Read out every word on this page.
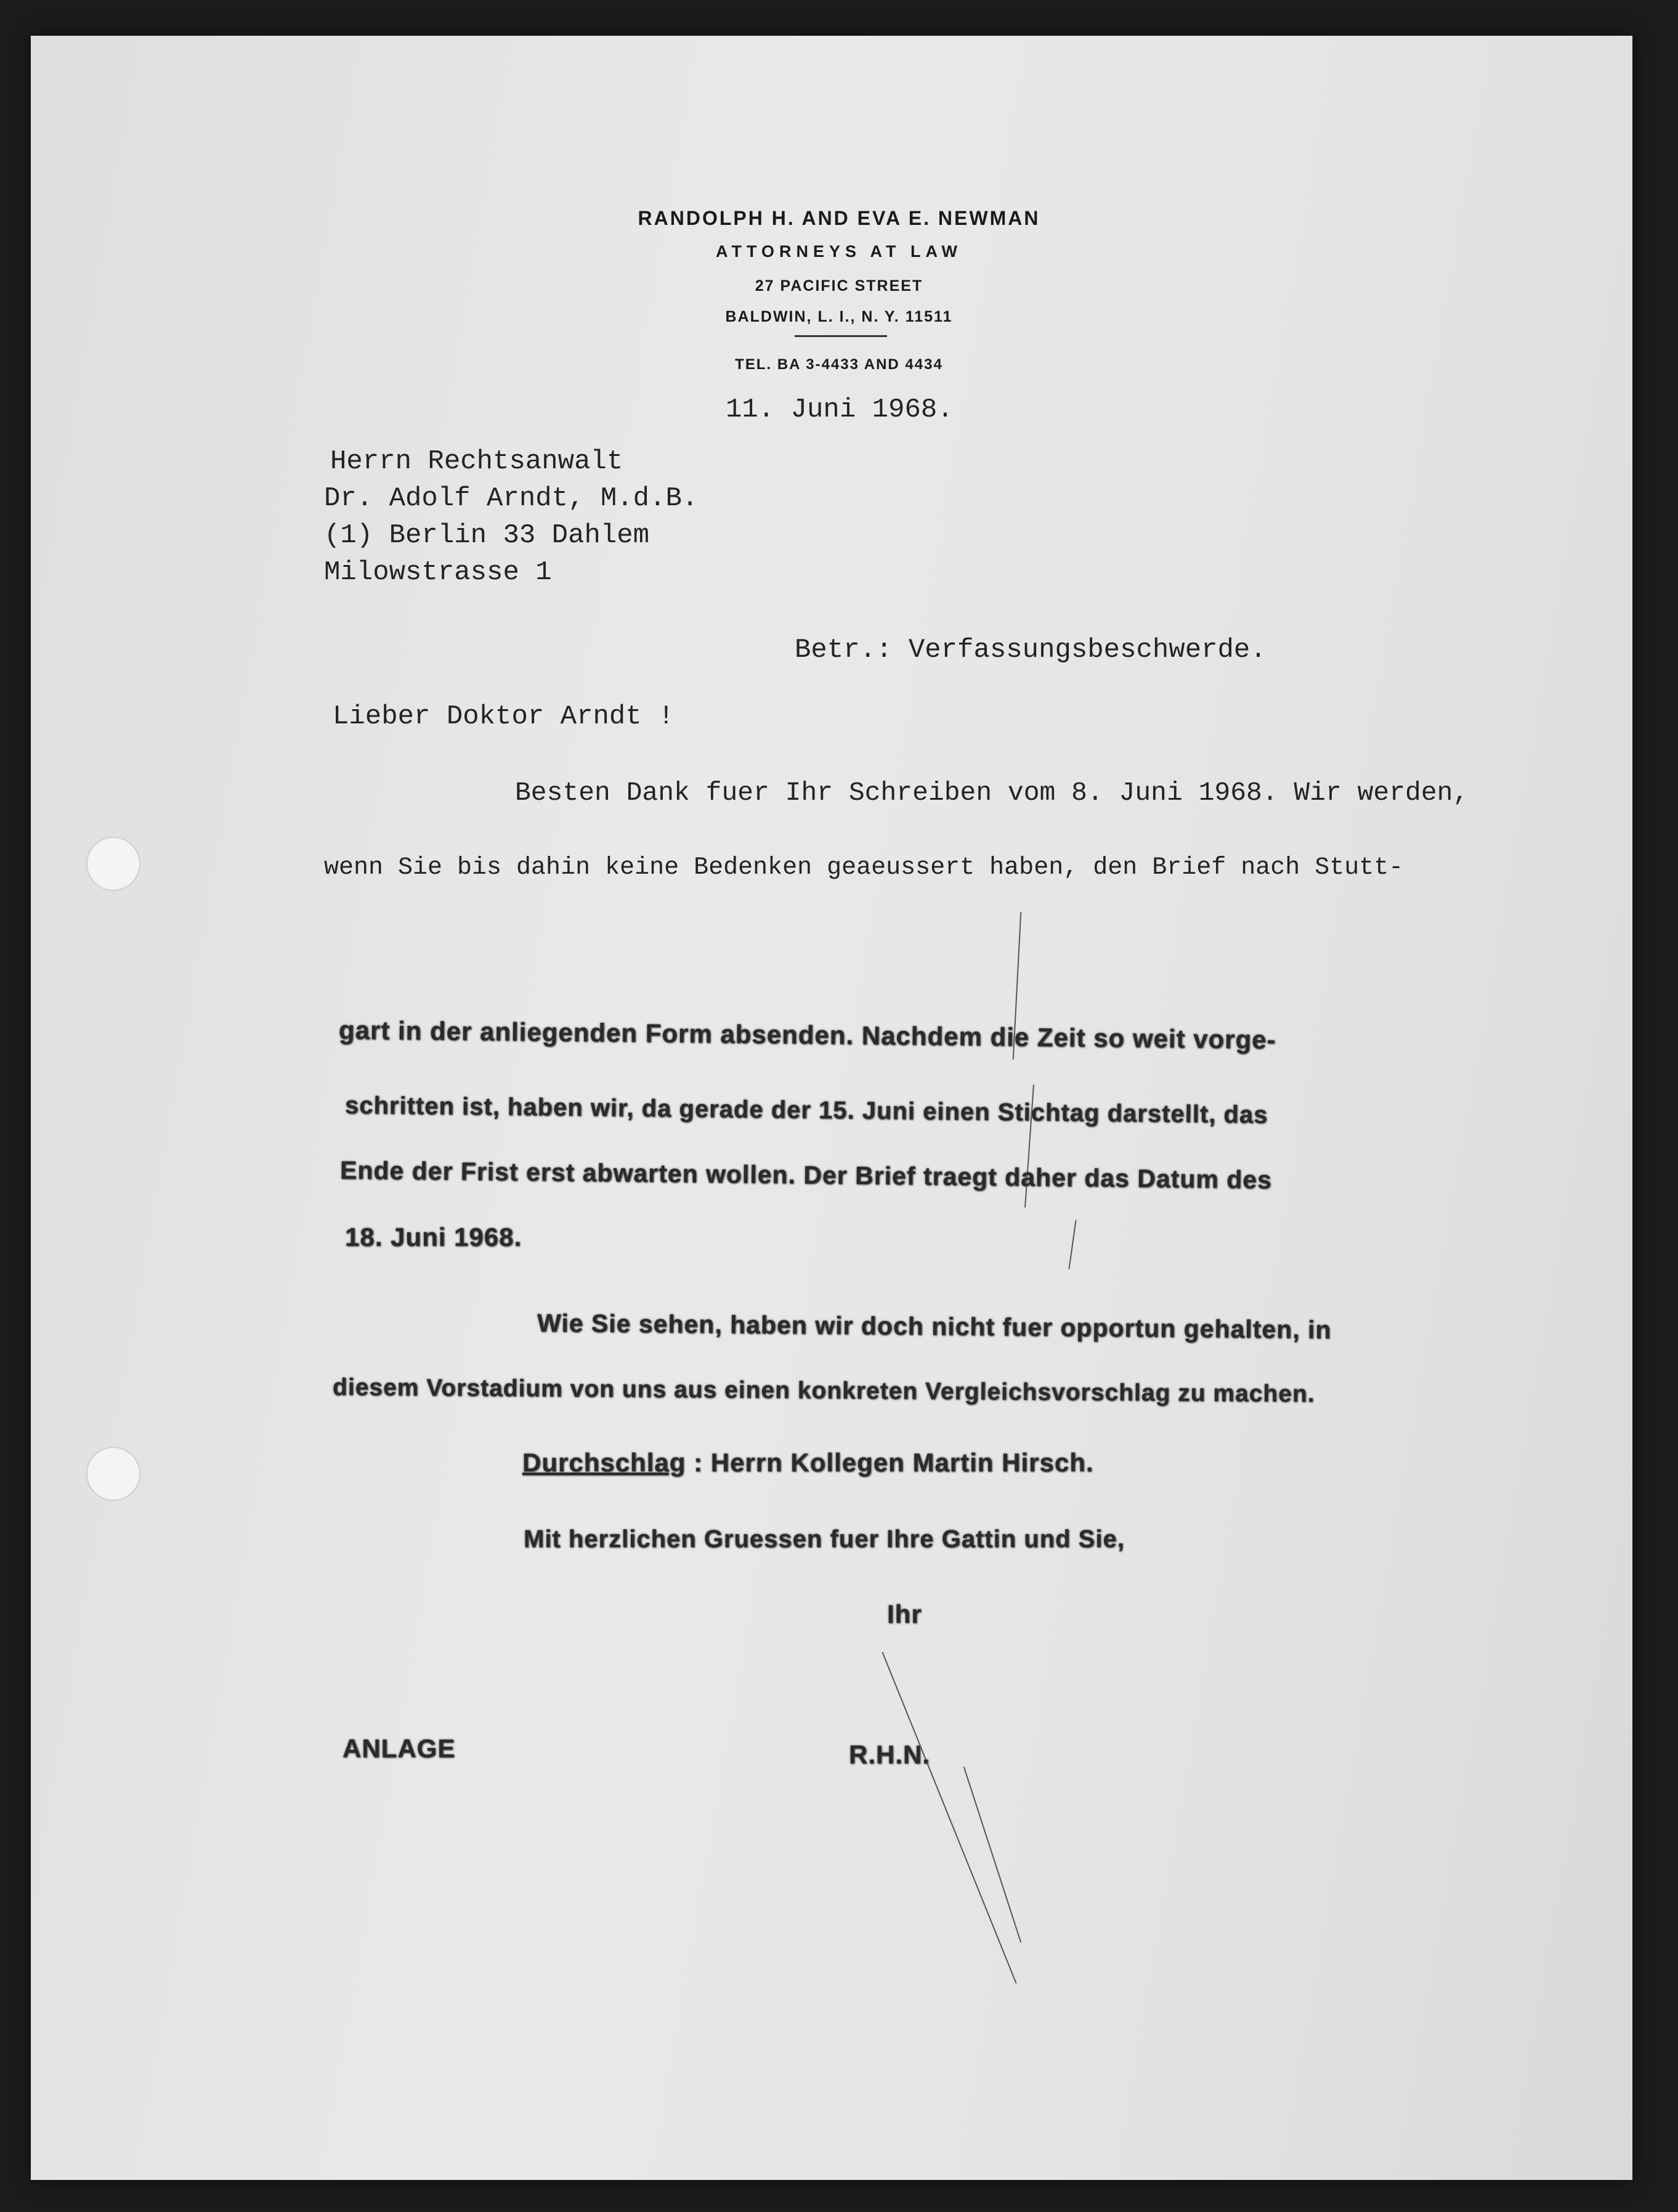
RANDOLPH H. AND EVA E. NEWMAN
ATTORNEYS AT LAW
27 PACIFIC STREET
BALDWIN, L. I., N. Y. 11511
TEL. BA 3-4433 AND 4434
11. Juni 1968.
Herrn Rechtsanwalt
Dr. Adolf Arndt, M.d.B.
(1) Berlin 33 Dahlem
Milowstrasse 1
Betr.: Verfassungsbeschwerde.
Lieber Doktor Arndt !
Besten Dank fuer Ihr Schreiben vom 8. Juni 1968. Wir werden,
wenn Sie bis dahin keine Bedenken geaeussert haben, den Brief nach Stutt-
gart in der anliegenden Form absenden. Nachdem die Zeit so weit vorge-
schritten ist, haben wir, da gerade der 15. Juni einen Stichtag darstellt, das
Ende der Frist erst abwarten wollen. Der Brief traegt daher das Datum des
18. Juni 1968.
Wie Sie sehen, haben wir doch nicht fuer opportun gehalten, in
diesem Vorstadium von uns aus einen konkreten Vergleichsvorschlag zu machen.
Durchschlag : Herrn Kollegen Martin Hirsch.
Mit herzlichen Gruessen fuer Ihre Gattin und Sie,
Ihr
ANLAGE	R.H.N.
